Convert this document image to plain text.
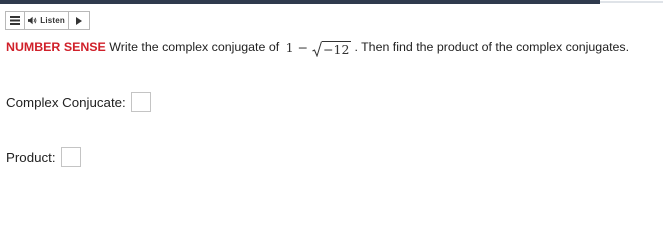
Listen
NUMBER SENSE Write the complex conjugate of 1 − −12 . Then find the product of the complex conjugates.
Complex Conjucate:
Product:
